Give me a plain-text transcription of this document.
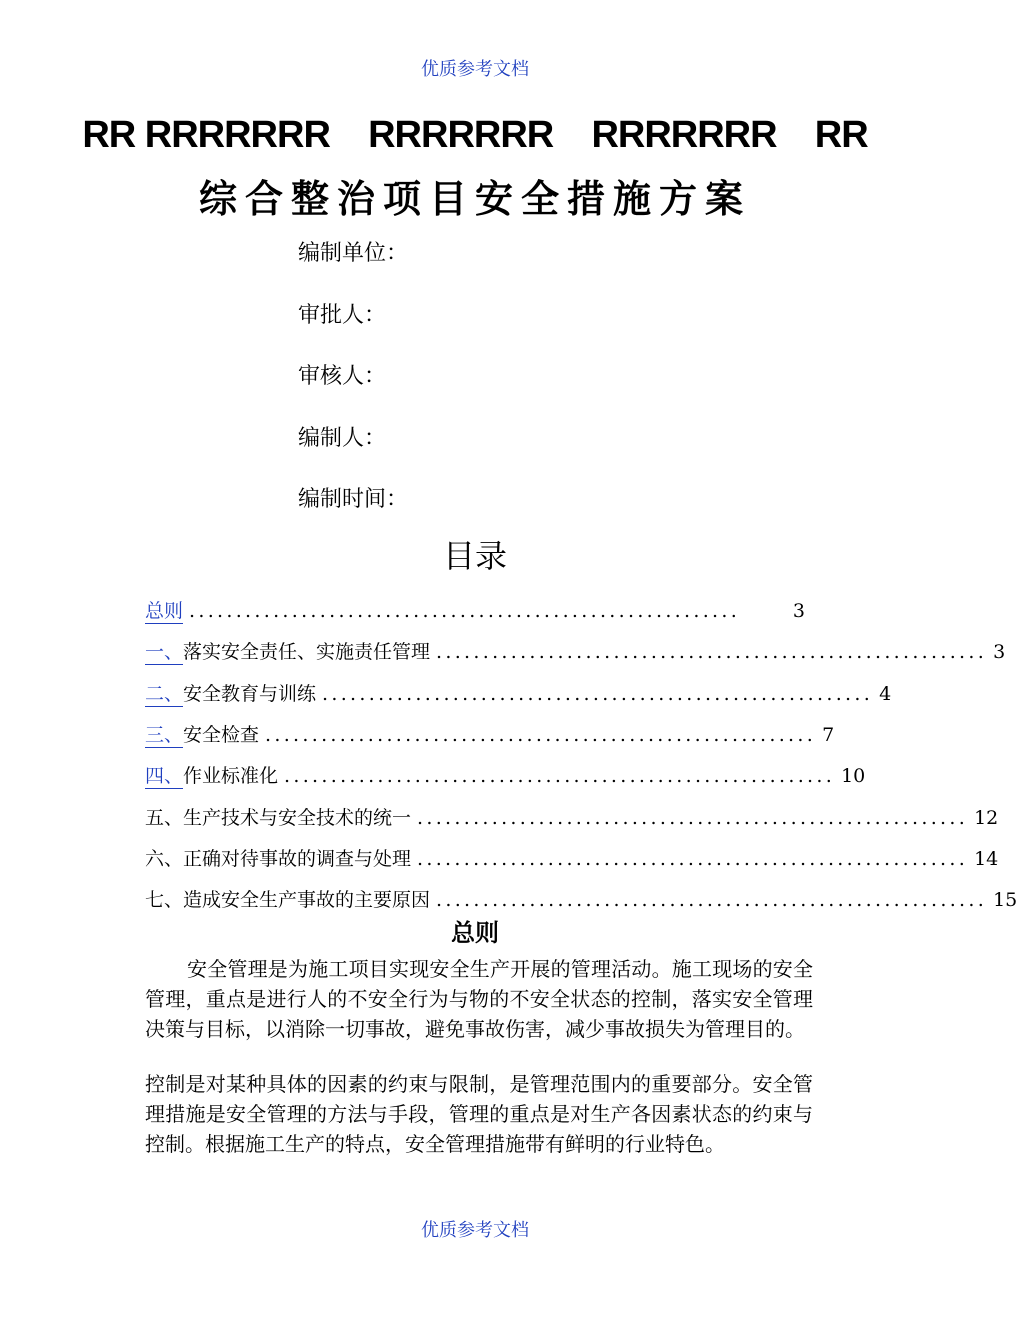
优质参考文档
RR RRRRRRR    RRRRRRR    RRRRRRR    RR
综合整治项目安全措施方案
编制单位：
审批人：
审核人：
编制人：
编制时间：
目录
总则 ...........................................................	3
一、 落实安全责任、实施责任管理 ........................................................... 3
二、 安全教育与训练 ........................................................... 4
三、 安全检查 ........................................................... 7
四、 作业标准化 ........................................................... 10
五、 生产技术与安全技术的统一 ........................................................... 12
六、 正确对待事故的调查与处理 ........................................................... 14
七、 造成安全生产事故的主要原因 ........................................................... 15
总则

安全管理是为施工项目实现安全生产开展的管理活动。施工现场的安全管理，重点是进行人的不安全行为与物的不安全状态的控制，落实安全管理决策与目标，以消除一切事故，避免事故伤害，减少事故损失为管理目的。

控制是对某种具体的因素的约束与限制，是管理范围内的重要部分。安全管理措施是安全管理的方法与手段，管理的重点是对生产各因素状态的约束与控制。根据施工生产的特点，安全管理措施带有鲜明的行业特色。

优质参考文档
